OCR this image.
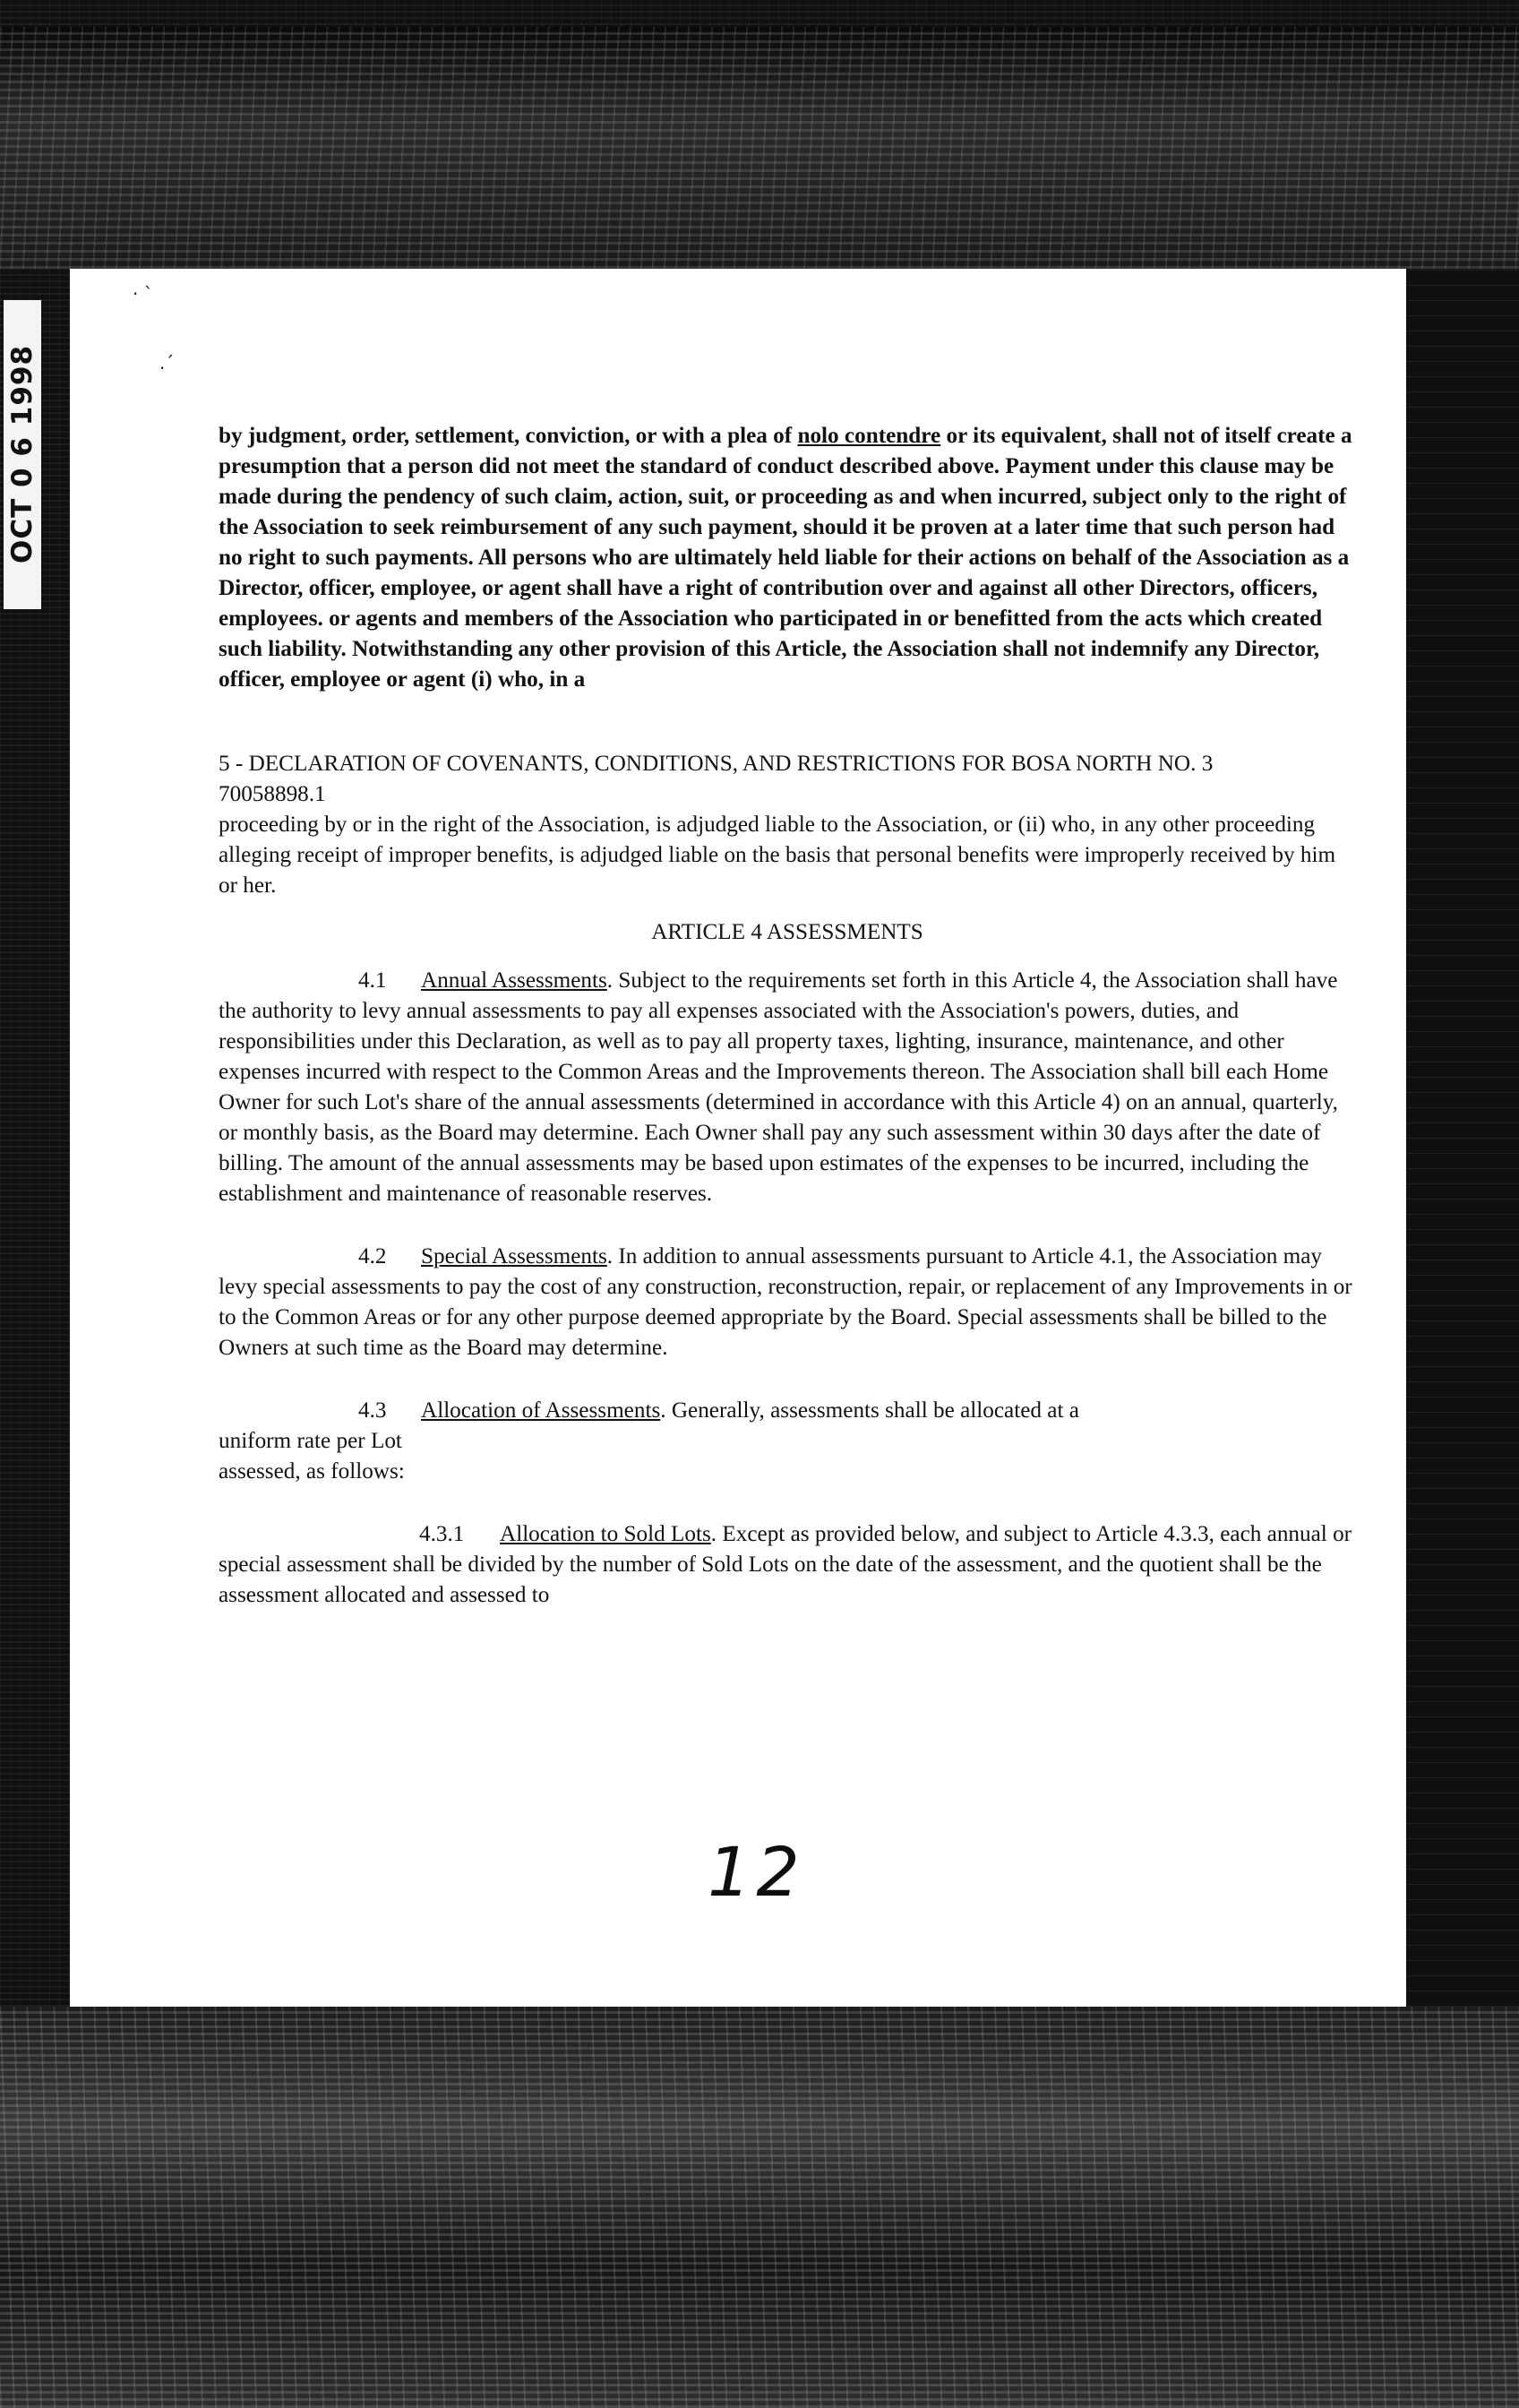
OCT 0 6 1998
· ˋ
.ˊ

by judgment, order, settlement, conviction, or with a plea of nolo contendre or its equivalent, shall not of itself create a presumption that a person did not meet the standard of conduct described above. Payment under this clause may be made during the pendency of such claim, action, suit, or proceeding as and when incurred, subject only to the right of the Association to seek reimbursement of any such payment, should it be proven at a later time that such person had no right to such payments. All persons who are ultimately held liable for their actions on behalf of the Association as a Director, officer, employee, or agent shall have a right of contribution over and against all other Directors, officers, employees. or agents and members of the Association who participated in or benefitted from the acts which created such liability. Notwithstanding any other provision of this Article, the Association shall not indemnify any Director, officer, employee or agent (i) who, in a

5 - DECLARATION OF COVENANTS, CONDITIONS, AND RESTRICTIONS FOR BOSA NORTH NO. 3

70058898.1

proceeding by or in the right of the Association, is adjudged liable to the Association, or (ii) who, in any other proceeding alleging receipt of improper benefits, is adjudged liable on the basis that personal benefits were improperly received by him or her.

ARTICLE 4 ASSESSMENTS

4.1 Annual Assessments. Subject to the requirements set forth in this Article 4, the Association shall have the authority to levy annual assessments to pay all expenses associated with the Association's powers, duties, and responsibilities under this Declaration, as well as to pay all property taxes, lighting, insurance, maintenance, and other expenses incurred with respect to the Common Areas and the Improvements thereon. The Association shall bill each Home Owner for such Lot's share of the annual assessments (determined in accordance with this Article 4) on an annual, quarterly, or monthly basis, as the Board may determine. Each Owner shall pay any such assessment within 30 days after the date of billing. The amount of the annual assessments may be based upon estimates of the expenses to be incurred, including the establishment and maintenance of reasonable reserves.

4.2 Special Assessments. In addition to annual assessments pursuant to Article 4.1, the Association may levy special assessments to pay the cost of any construction, reconstruction, repair, or replacement of any Improvements in or to the Common Areas or for any other purpose deemed appropriate by the Board. Special assessments shall be billed to the Owners at such time as the Board may determine.

4.3 Allocation of Assessments. Generally, assessments shall be allocated at a

uniform rate per Lot

assessed, as follows:

4.3.1 Allocation to Sold Lots. Except as provided below, and subject to Article 4.3.3, each annual or special assessment shall be divided by the number of Sold Lots on the date of the assessment, and the quotient shall be the assessment allocated and assessed to

12
